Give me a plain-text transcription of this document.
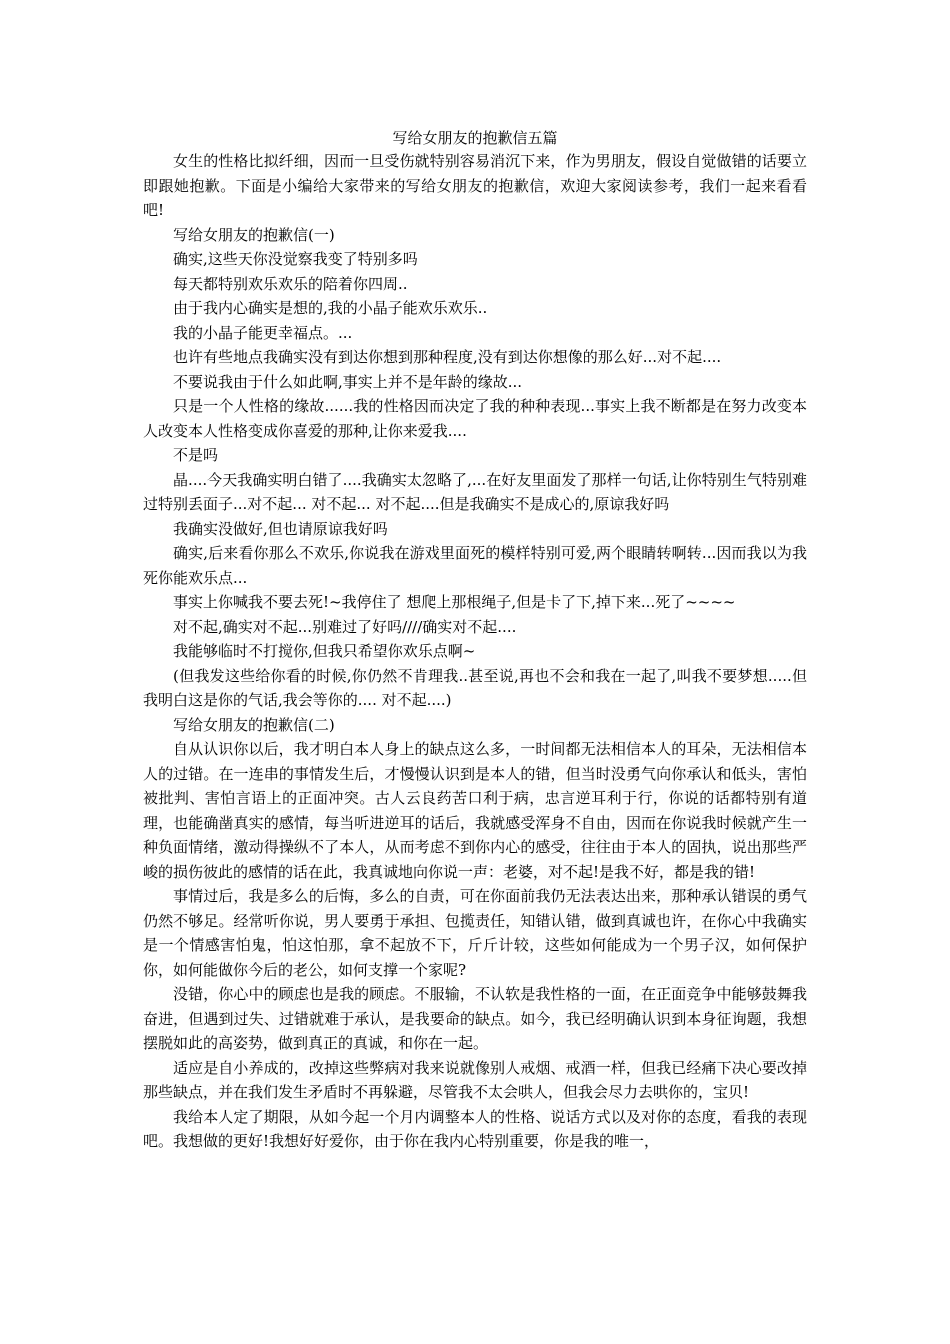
写给女朋友的抱歉信五篇

女生的性格比拟纤细，因而一旦受伤就特别容易消沉下来，作为男朋友，假设自觉做错的话要立即跟她抱歉。下面是小编给大家带来的写给女朋友的抱歉信，欢迎大家阅读参考，我们一起来看看吧!

写给女朋友的抱歉信(一)

确实,这些天你没觉察我变了特别多吗

每天都特别欢乐欢乐的陪着你四周..

由于我内心确实是想的,我的小晶子能欢乐欢乐..

我的小晶子能更幸福点。...

也许有些地点我确实没有到达你想到那种程度,没有到达你想像的那么好...对不起....

不要说我由于什么如此啊,事实上并不是年龄的缘故...

只是一个人性格的缘故......我的性格因而决定了我的种种表现...事实上我不断都是在努力改变本人改变本人性格变成你喜爱的那种,让你来爱我....

不是吗

晶....今天我确实明白错了....我确实太忽略了,...在好友里面发了那样一句话,让你特别生气特别难过特别丢面子...对不起... 对不起... 对不起....但是我确实不是成心的,原谅我好吗

我确实没做好,但也请原谅我好吗

确实,后来看你那么不欢乐,你说我在游戏里面死的模样特别可爱,两个眼睛转啊转...因而我以为我死你能欢乐点...

事实上你喊我不要去死!~我停住了 想爬上那根绳子,但是卡了下,掉下来...死了~~~~

对不起,确实对不起...别难过了好吗////确实对不起....

我能够临时不打搅你,但我只希望你欢乐点啊~

(但我发这些给你看的时候,你仍然不肯理我..甚至说,再也不会和我在一起了,叫我不要梦想.....但我明白这是你的气话,我会等你的.... 对不起....)

写给女朋友的抱歉信(二)

自从认识你以后，我才明白本人身上的缺点这么多，一时间都无法相信本人的耳朵，无法相信本人的过错。在一连串的事情发生后，才慢慢认识到是本人的错，但当时没勇气向你承认和低头，害怕被批判、害怕言语上的正面冲突。古人云良药苦口利于病，忠言逆耳利于行，你说的话都特别有道理，也能确凿真实的感情，每当听进逆耳的话后，我就感受浑身不自由，因而在你说我时候就产生一种负面情绪，激动得操纵不了本人，从而考虑不到你内心的感受，往往由于本人的固执，说出那些严峻的损伤彼此的感情的话在此，我真诚地向你说一声：老婆，对不起!是我不好，都是我的错!

事情过后，我是多么的后悔，多么的自责，可在你面前我仍无法表达出来，那种承认错误的勇气仍然不够足。经常听你说，男人要勇于承担、包揽责任，知错认错，做到真诚也许，在你心中我确实是一个情感害怕鬼，怕这怕那，拿不起放不下，斤斤计较，这些如何能成为一个男子汉，如何保护你，如何能做你今后的老公，如何支撑一个家呢?

没错，你心中的顾虑也是我的顾虑。不服输，不认软是我性格的一面，在正面竞争中能够鼓舞我奋进，但遇到过失、过错就难于承认，是我要命的缺点。如今，我已经明确认识到本身征询题，我想摆脱如此的高姿势，做到真正的真诚，和你在一起。

适应是自小养成的，改掉这些弊病对我来说就像别人戒烟、戒酒一样，但我已经痛下决心要改掉那些缺点，并在我们发生矛盾时不再躲避，尽管我不太会哄人，但我会尽力去哄你的，宝贝!

我给本人定了期限，从如今起一个月内调整本人的性格、说话方式以及对你的态度，看我的表现吧。我想做的更好!我想好好爱你，由于你在我内心特别重要，你是我的唯一，
